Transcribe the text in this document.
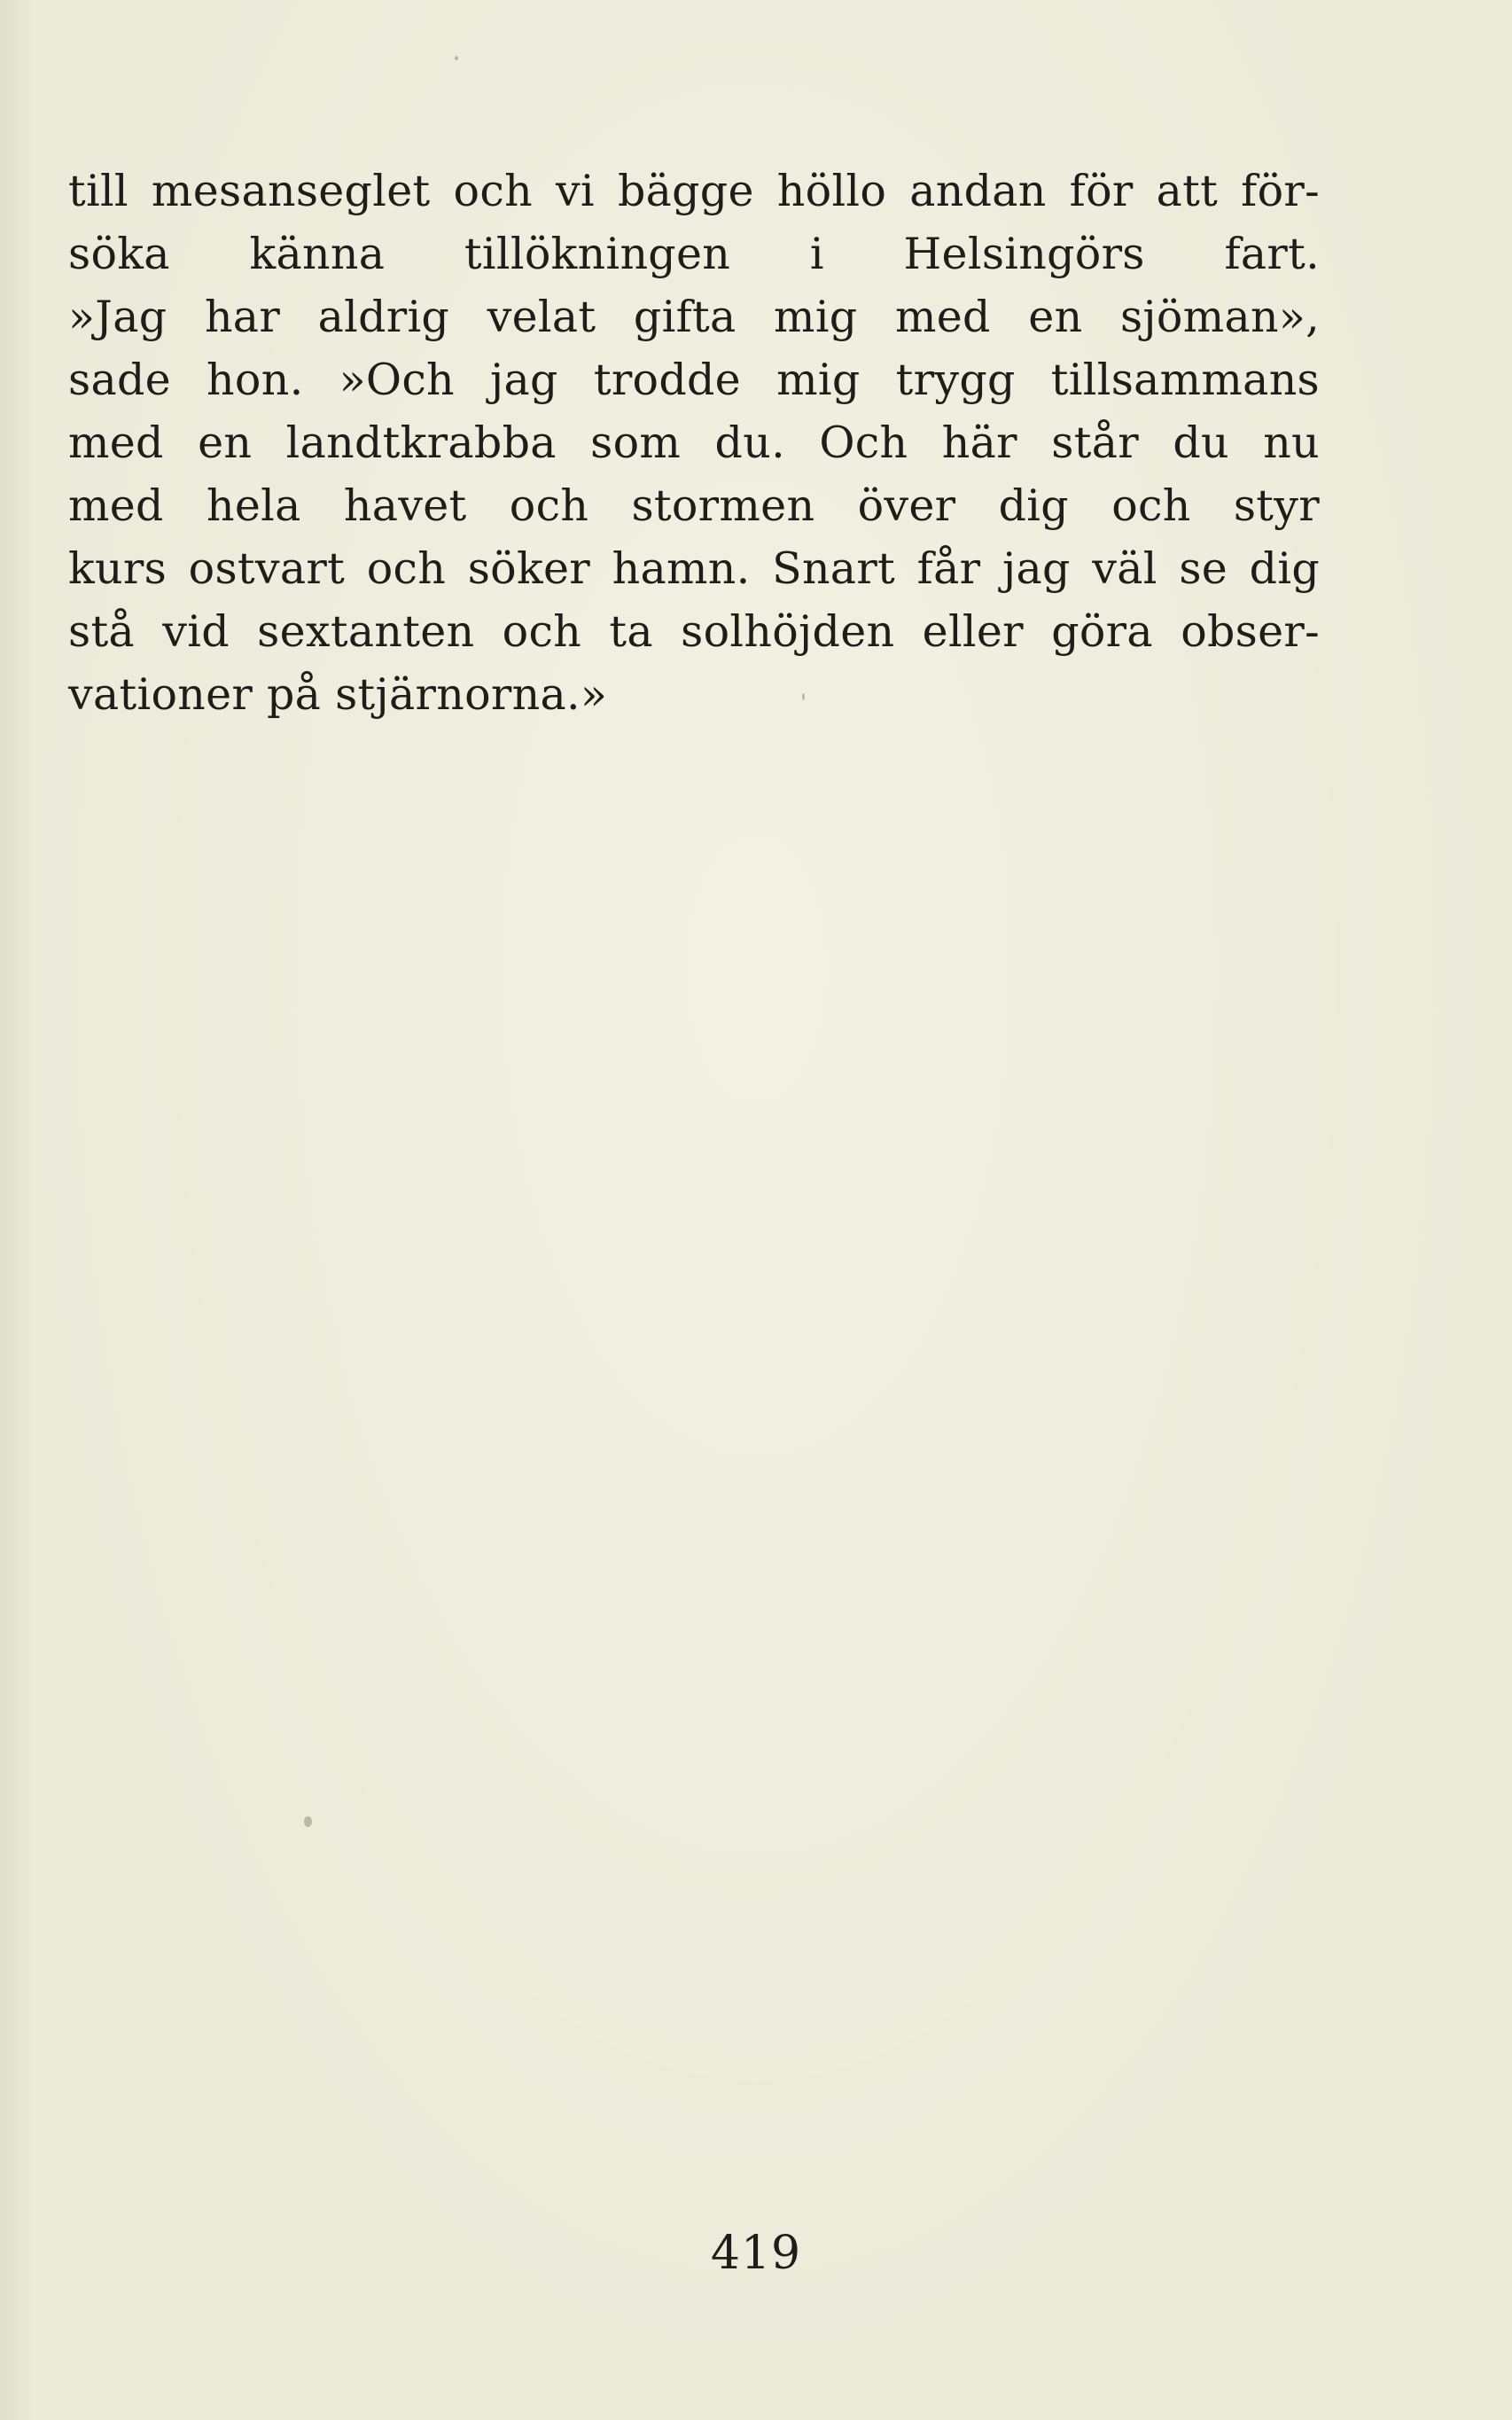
till mesanseglet och vi bägge höllo andan för att för-
söka känna tillökningen i Helsingörs fart.
»Jag har aldrig velat gifta mig med en sjöman»,
sade hon. »Och jag trodde mig trygg tillsammans
med en landtkrabba som du. Och här står du nu
med hela havet och stormen över dig och styr
kurs ostvart och söker hamn. Snart får jag väl se dig
stå vid sextanten och ta solhöjden eller göra obser-
vationer på stjärnorna.»
419
